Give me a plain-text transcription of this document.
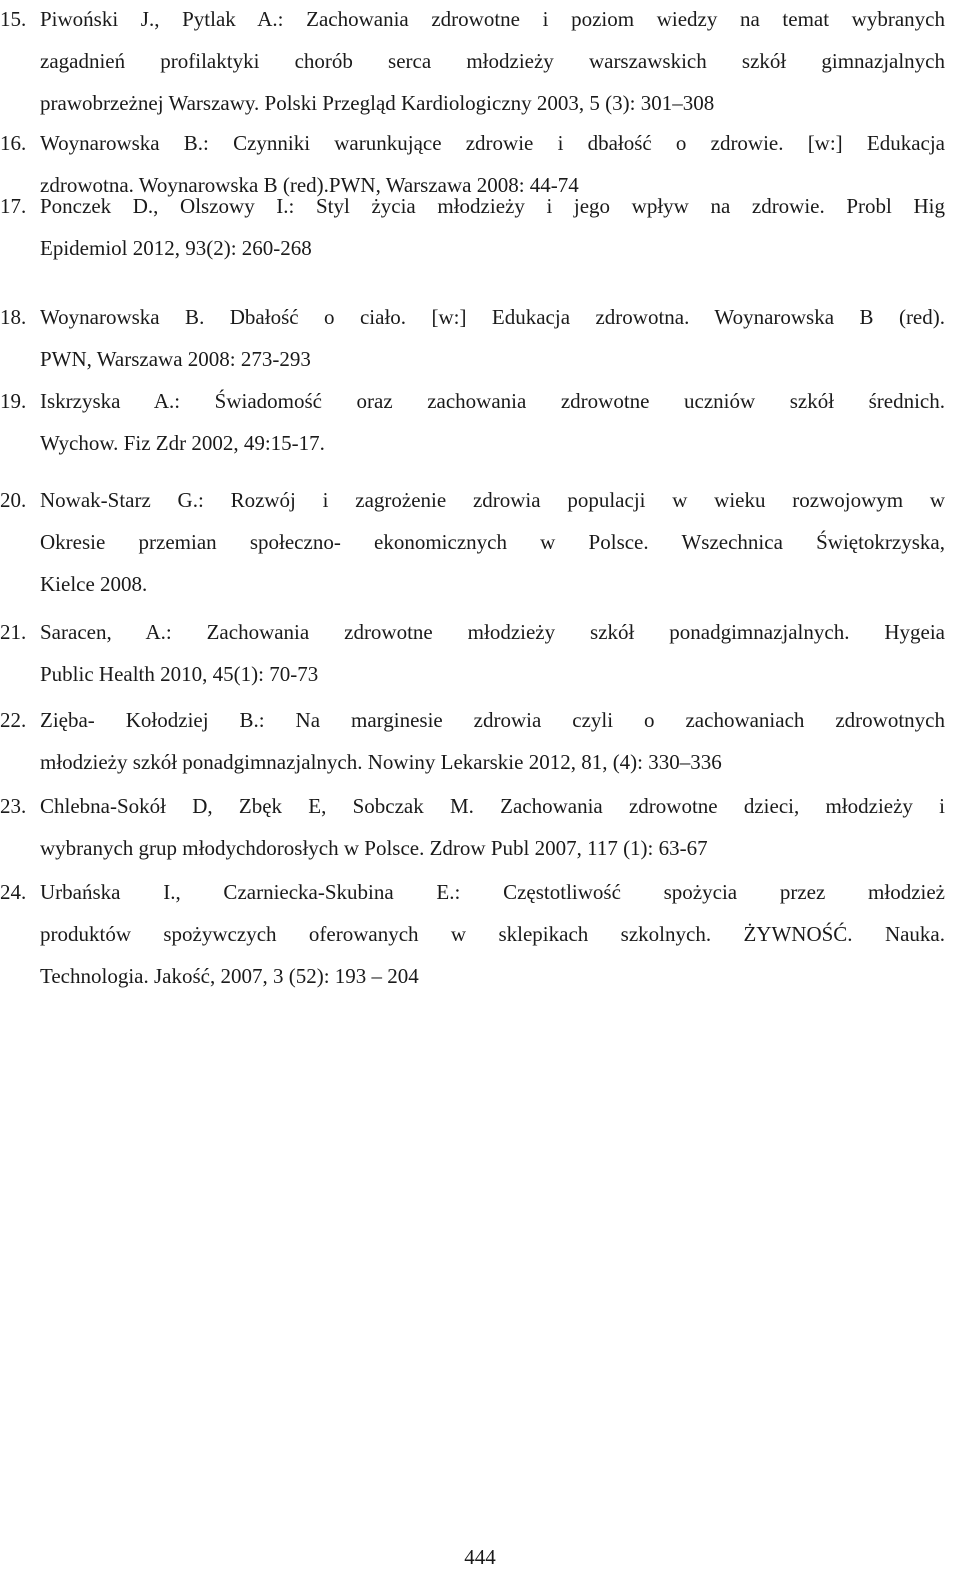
15. Piwoński J., Pytlak A.: Zachowania zdrowotne i poziom wiedzy na temat wybranych
zagadnień profilaktyki chorób serca młodzieży warszawskich szkół gimnazjalnych
prawobrzeżnej Warszawy. Polski Przegląd Kardiologiczny 2003, 5 (3): 301–308
16. Woynarowska B.: Czynniki warunkujące zdrowie i dbałość o zdrowie. [w:] Edukacja
zdrowotna. Woynarowska B (red).PWN, Warszawa 2008: 44-74
17. Ponczek D., Olszowy I.: Styl życia młodzieży i jego wpływ na zdrowie. Probl Hig
Epidemiol 2012, 93(2): 260-268
18. Woynarowska B. Dbałość o ciało. [w:] Edukacja zdrowotna. Woynarowska B (red).
PWN, Warszawa 2008: 273-293
19. Iskrzyska A.: Świadomość oraz zachowania zdrowotne uczniów szkół średnich.
Wychow. Fiz Zdr 2002, 49:15-17.
20. Nowak-Starz G.: Rozwój i zagrożenie zdrowia populacji w wieku rozwojowym w
Okresie przemian społeczno- ekonomicznych w Polsce. Wszechnica Świętokrzyska,
Kielce 2008.
21. Saracen, A.: Zachowania zdrowotne młodzieży szkół ponadgimnazjalnych. Hygeia
Public Health 2010, 45(1): 70-73
22. Zięba- Kołodziej B.: Na marginesie zdrowia czyli o zachowaniach zdrowotnych
młodzieży szkół ponadgimnazjalnych. Nowiny Lekarskie 2012, 81, (4): 330–336
23. Chlebna-Sokół D, Zbęk E, Sobczak M. Zachowania zdrowotne dzieci, młodzieży i
wybranych grup młodychdorosłych w Polsce. Zdrow Publ 2007, 117 (1): 63-67
24. Urbańska I., Czarniecka-Skubina E.: Częstotliwość spożycia przez młodzież
produktów spożywczych oferowanych w sklepikach szkolnych. ŻYWNOŚĆ. Nauka.
Technologia. Jakość, 2007, 3 (52): 193 – 204
444
